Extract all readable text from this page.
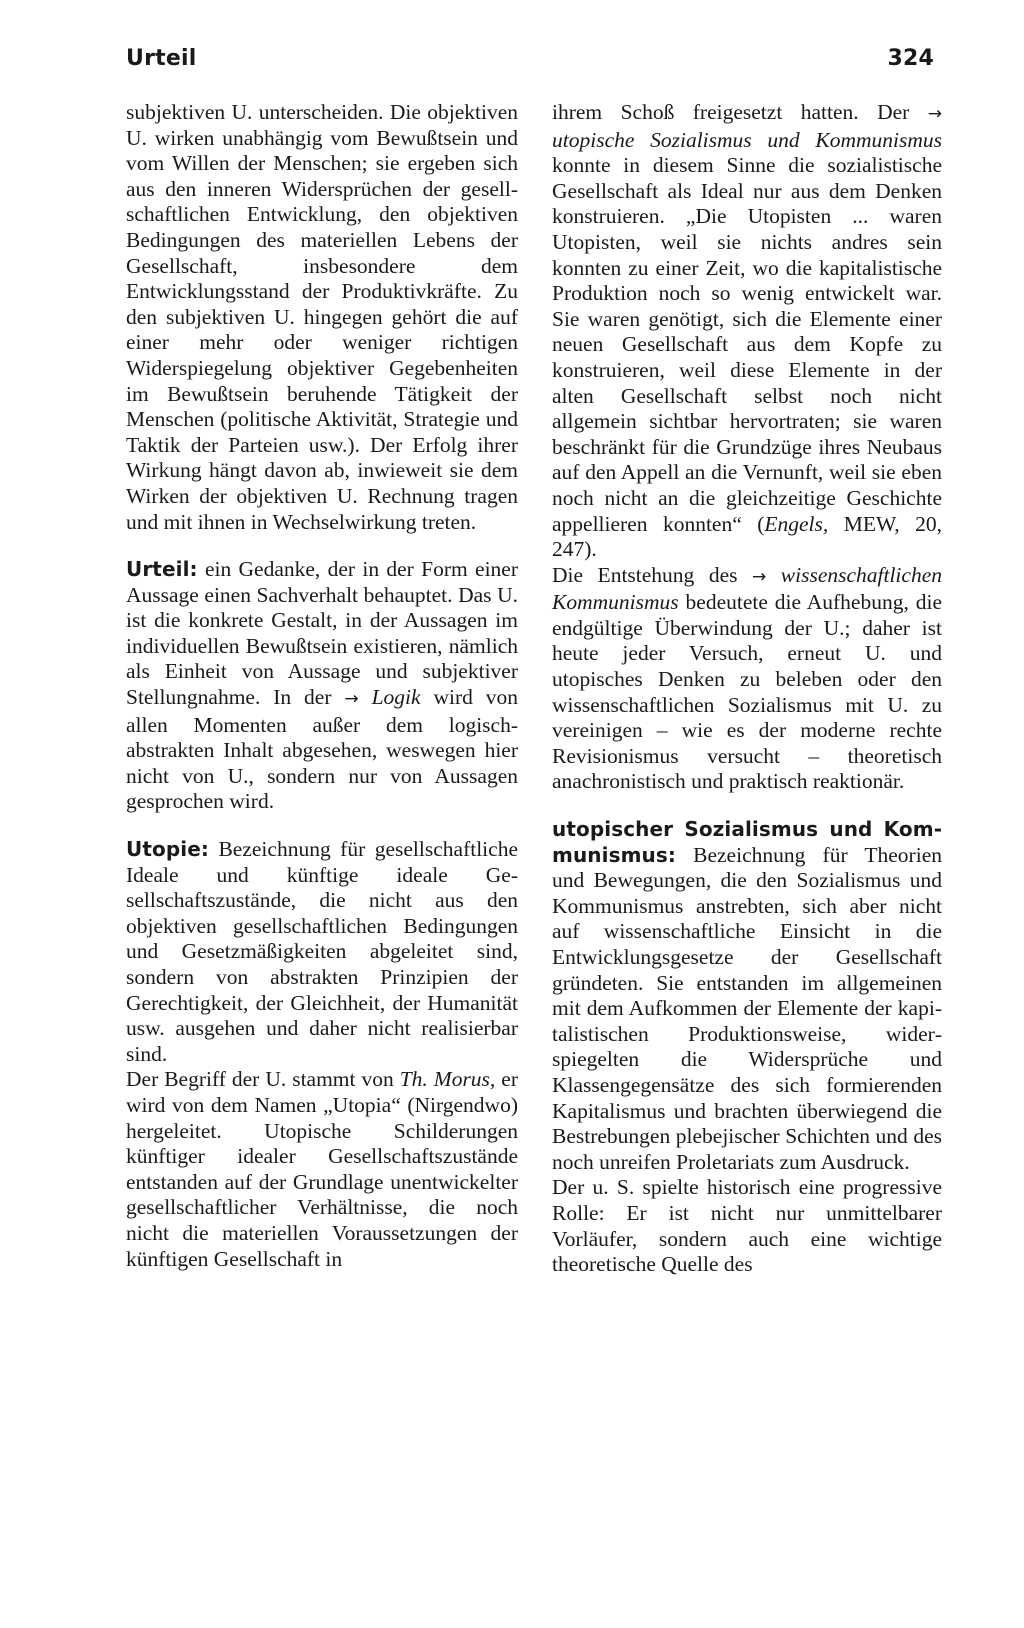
Urteil	324

subjektiven U. unterscheiden. Die objektiven U. wirken unabhängig vom Bewußtsein und vom Willen der Menschen; sie ergeben sich aus den inneren Widersprüchen der gesellschaftlichen Entwicklung, den objektiven Bedingungen des materiellen Lebens der Gesellschaft, insbesondere dem Entwicklungsstand der Produktivkräfte. Zu den subjektiven U. hingegen gehört die auf einer mehr oder weniger richtigen Widerspiegelung objektiver Gegebenheiten im Bewußtsein beruhende Tätigkeit der Menschen (politische Aktivität, Strategie und Taktik der Parteien usw.). Der Erfolg ihrer Wirkung hängt davon ab, inwieweit sie dem Wirken der objektiven U. Rechnung tragen und mit ihnen in Wechselwirkung treten.

Urteil: ein Gedanke, der in der Form einer Aussage einen Sachverhalt behauptet. Das U. ist die konkrete Gestalt, in der Aussagen im individuellen Bewußtsein existieren, nämlich als Einheit von Aussage und subjektiver Stellungnahme. In der → Logik wird von allen Momenten außer dem logisch-abstrakten Inhalt abgesehen, weswegen hier nicht von U., sondern nur von Aussagen gesprochen wird.

Utopie: Bezeichnung für gesellschaftliche Ideale und künftige ideale Gesellschaftszustände, die nicht aus den objektiven gesellschaftlichen Bedingungen und Gesetzmäßigkeiten abgeleitet sind, sondern von abstrakten Prinzipien der Gerechtigkeit, der Gleichheit, der Humanität usw. ausgehen und daher nicht realisierbar sind.

Der Begriff der U. stammt von Th. Morus, er wird von dem Namen „Utopia“ (Nirgendwo) hergeleitet. Utopische Schilderungen künftiger idealer Gesellschaftszustände entstanden auf der Grundlage unentwickelter gesellschaftlicher Verhältnisse, die noch nicht die materiellen Voraussetzungen der künftigen Gesellschaft in

ihrem Schoß freigesetzt hatten. Der → utopische Sozialismus und Kommunismus konnte in diesem Sinne die sozialistische Gesellschaft als Ideal nur aus dem Denken konstruieren. „Die Utopisten ... waren Utopisten, weil sie nichts andres sein konnten zu einer Zeit, wo die kapitalistische Produktion noch so wenig entwickelt war. Sie waren genötigt, sich die Elemente einer neuen Gesellschaft aus dem Kopfe zu konstruieren, weil diese Elemente in der alten Gesellschaft selbst noch nicht allgemein sichtbar hervortraten; sie waren beschränkt für die Grundzüge ihres Neubaus auf den Appell an die Vernunft, weil sie eben noch nicht an die gleichzeitige Geschichte appellieren konnten“ (Engels, MEW, 20, 247).

Die Entstehung des → wissenschaftlichen Kommunismus bedeutete die Aufhebung, die endgültige Überwindung der U.; daher ist heute jeder Versuch, erneut U. und utopisches Denken zu beleben oder den wissenschaftlichen Sozialismus mit U. zu vereinigen – wie es der moderne rechte Revisionismus versucht – theoretisch anachronistisch und praktisch reaktionär.

utopischer Sozialismus und Kommunismus: Bezeichnung für Theorien und Bewegungen, die den Sozialismus und Kommunismus anstrebten, sich aber nicht auf wissenschaftliche Einsicht in die Entwicklungsgesetze der Gesellschaft gründeten. Sie entstanden im allgemeinen mit dem Aufkommen der Elemente der kapitalistischen Produktionsweise, widerspiegelten die Widersprüche und Klassengegensätze des sich formierenden Kapitalismus und brachten überwiegend die Bestrebungen plebejischer Schichten und des noch unreifen Proletariats zum Ausdruck.

Der u. S. spielte historisch eine progressive Rolle: Er ist nicht nur unmittelbarer Vorläufer, sondern auch eine wichtige theoretische Quelle des
